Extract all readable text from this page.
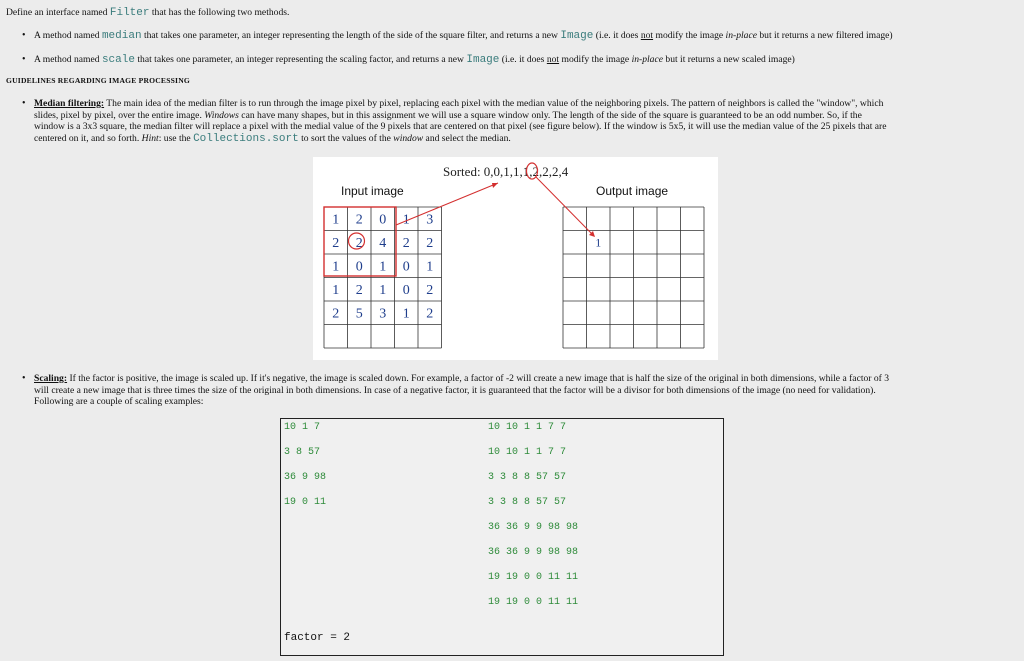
Define an interface named Filter that has the following two methods.

• A method named median that takes one parameter, an integer representing the length of the side of the square filter, and returns a new Image (i.e. it does not modify the image in-place but it returns a new filtered image)
• A method named scale that takes one parameter, an integer representing the scaling factor, and returns a new Image (i.e. it does not modify the image in-place but it returns a new scaled image)
GUIDELINES REGARDING IMAGE PROCESSING
• Median filtering: The main idea of the median filter is to run through the image pixel by pixel, replacing each pixel with the median value of the neighboring pixels. The pattern of neighbors is called the "window", which

slides, pixel by pixel, over the entire image. Windows can have many shapes, but in this assignment we will use a square window only. The length of the side of the square is guaranteed to be an odd number. So, if the

window is a 3x3 square, the median filter will replace a pixel with the medial value of the 9 pixels that are centered on that pixel (see figure below). If the window is 5x5, it will use the median value of the 25 pixels that are

centered on it, and so forth. Hint: use the Collections.sort to sort the values of the window and select the median.

Sorted: 0,0,1,1,1,2,2,2,4
Input image	Output image
1 2 0 1 3
2 2 4 2 2
1 0 1 0 1
1 2 1 0 2
2 5 3 1 2
1
• Scaling: If the factor is positive, the image is scaled up. If it's negative, the image is scaled down. For example, a factor of -2 will create a new image that is half the size of the original in both dimensions, while a factor of 3

will create a new image that is three times the size of the original in both dimensions. In case of a negative factor, it is guaranteed that the factor will be a divisor for both dimensions of the image (no need for validation).

Following are a couple of scaling examples:

10 1 7
3 8 57
36 9 98
19 0 11
10 10 1 1 7 7
10 10 1 1 7 7
3 3 8 8 57 57
3 3 8 8 57 57
36 36 9 9 98 98
36 36 9 9 98 98
19 19 0 0 11 11
19 19 0 0 11 11
factor = 2
